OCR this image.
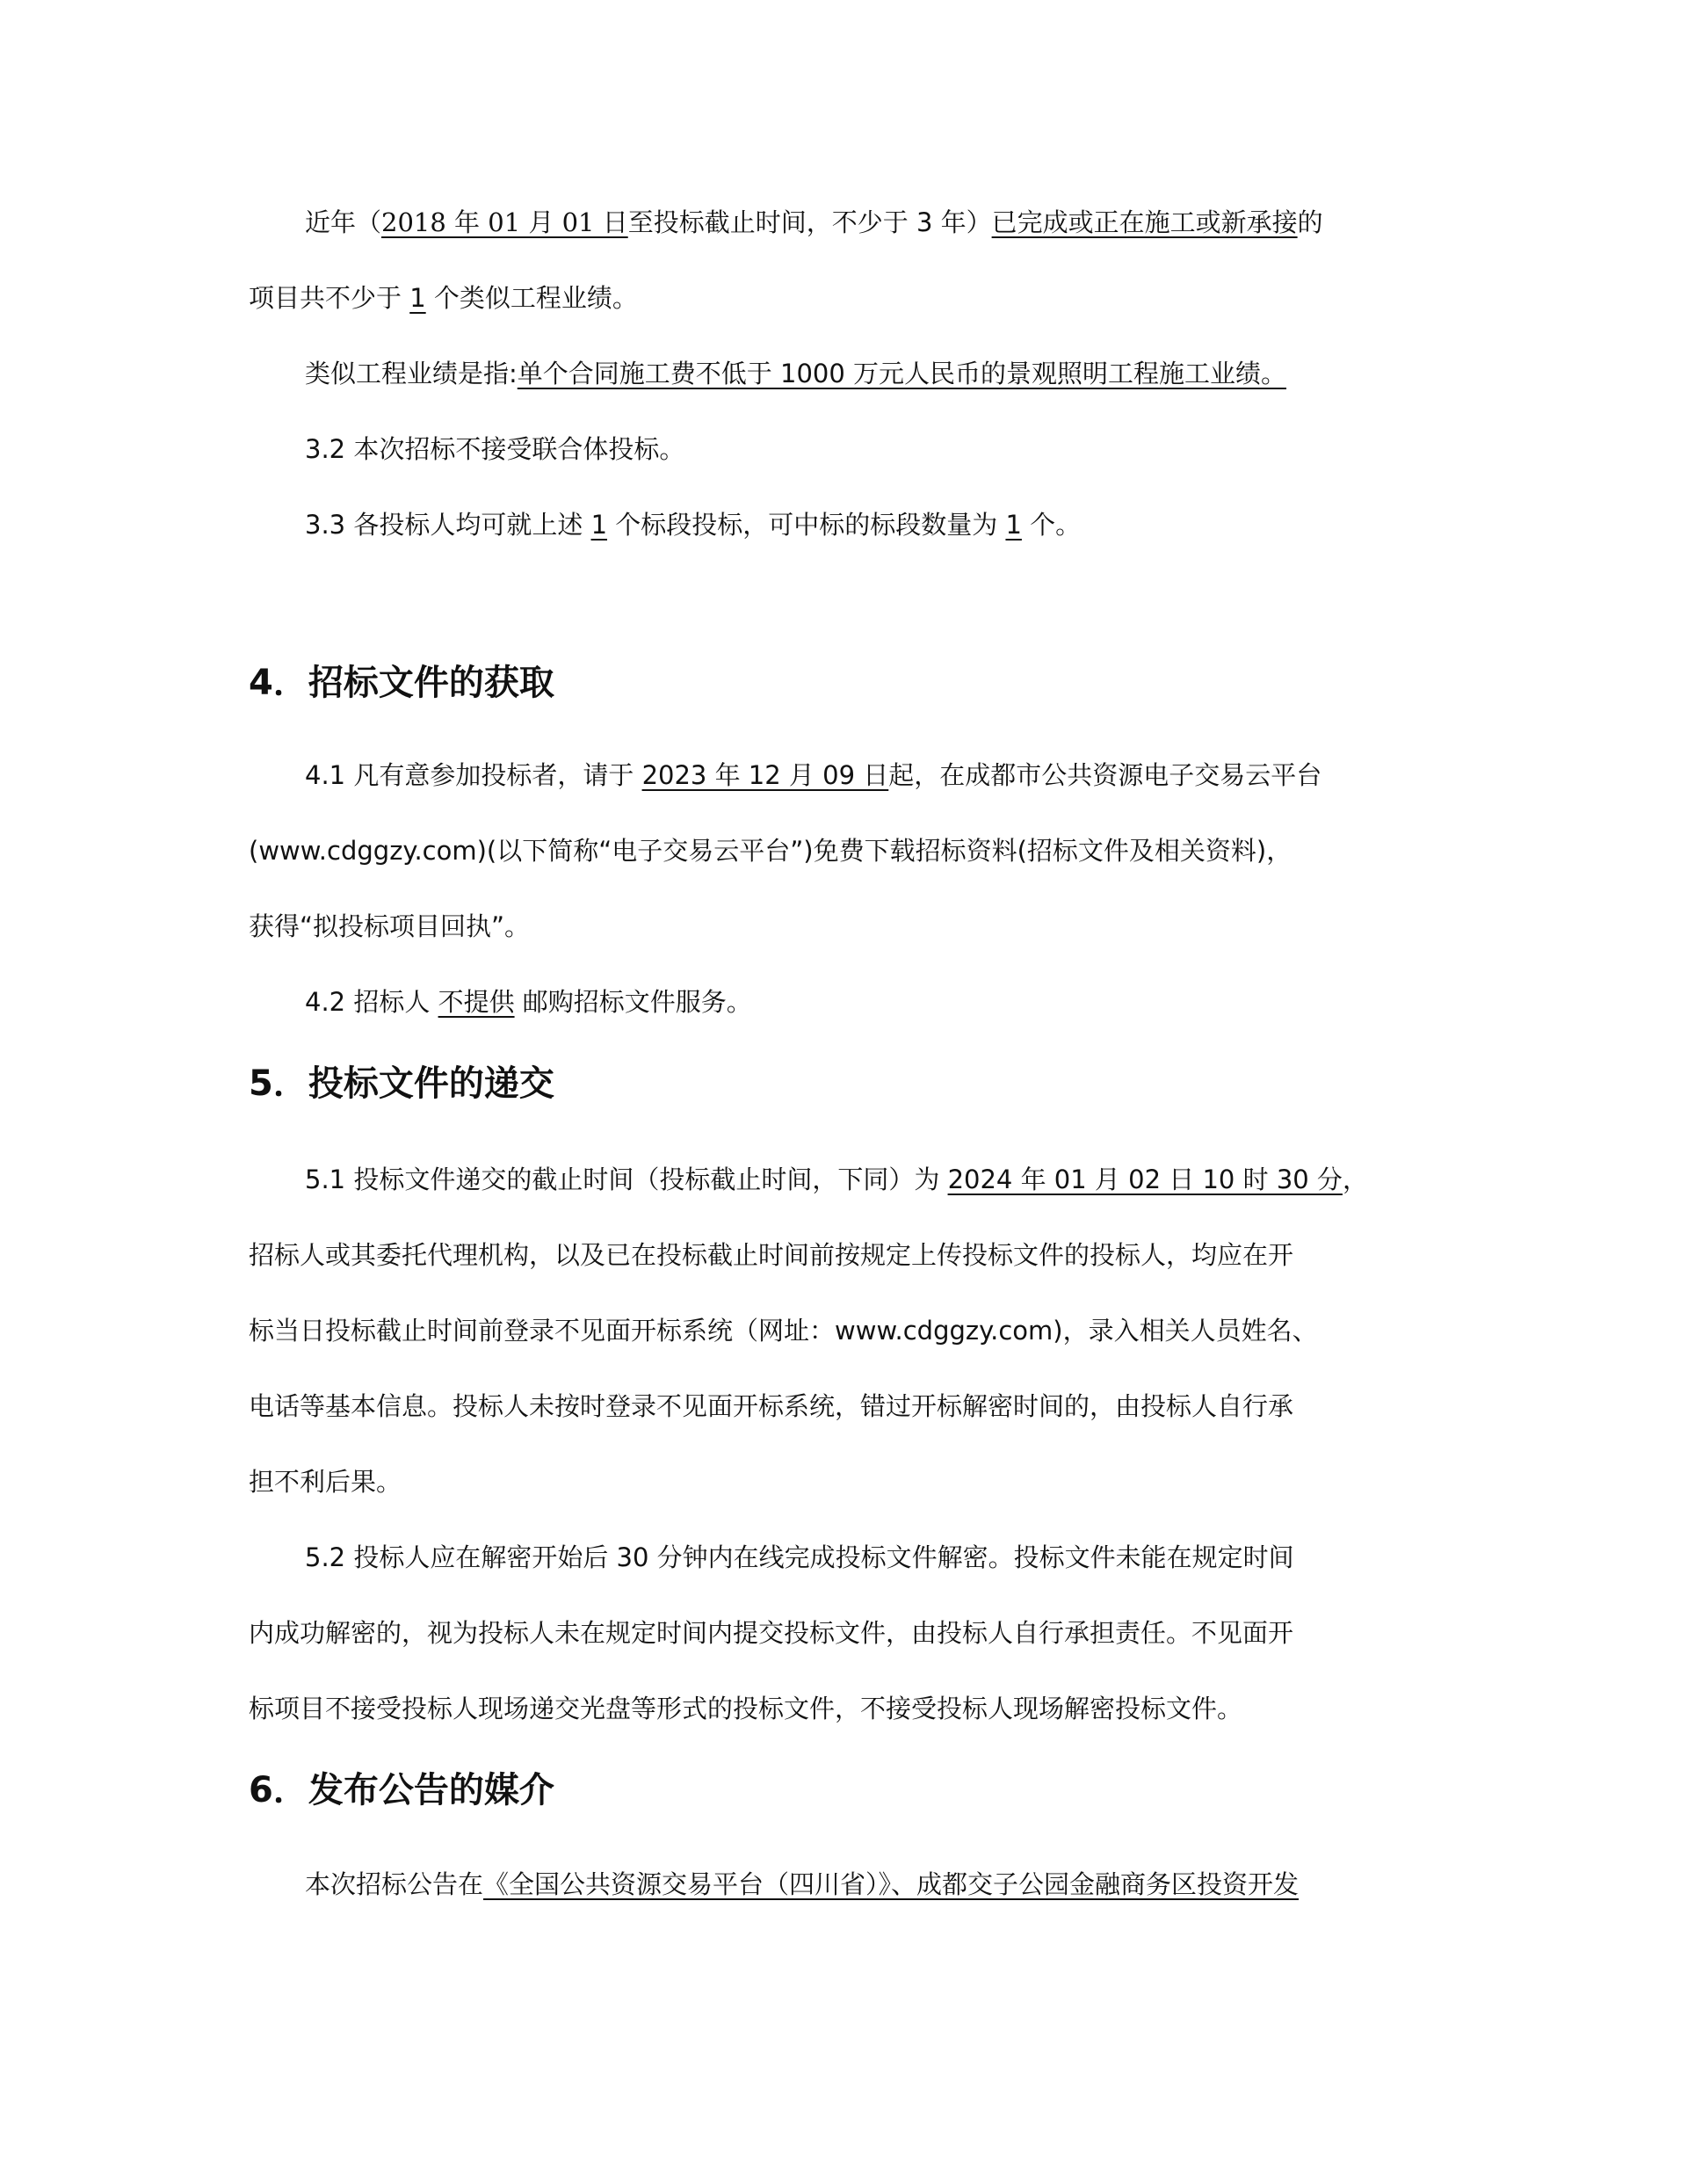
近年（2018 年 01 月 01 日至投标截止时间，不少于 3 年）已完成或正在施工或新承接的
项目共不少于 1 个类似工程业绩。
类似工程业绩是指:单个合同施工费不低于 1000 万元人民币的景观照明工程施工业绩。
3.2 本次招标不接受联合体投标。
3.3 各投标人均可就上述 1 个标段投标，可中标的标段数量为 1 个。
4．招标文件的获取
4.1 凡有意参加投标者，请于 2023 年 12 月 09 日起，在成都市公共资源电子交易云平台
(www.cdggzy.com)(以下简称“电子交易云平台”)免费下载招标资料(招标文件及相关资料)，
获得“拟投标项目回执”。
4.2 招标人 不提供 邮购招标文件服务。
5．投标文件的递交
5.1 投标文件递交的截止时间（投标截止时间，下同）为 2024 年 01 月 02 日 10 时 30 分，
招标人或其委托代理机构，以及已在投标截止时间前按规定上传投标文件的投标人，均应在开
标当日投标截止时间前登录不见面开标系统（网址：www.cdggzy.com)，录入相关人员姓名、
电话等基本信息。投标人未按时登录不见面开标系统，错过开标解密时间的，由投标人自行承
担不利后果。
5.2 投标人应在解密开始后 30 分钟内在线完成投标文件解密。投标文件未能在规定时间
内成功解密的，视为投标人未在规定时间内提交投标文件，由投标人自行承担责任。不见面开
标项目不接受投标人现场递交光盘等形式的投标文件，不接受投标人现场解密投标文件。
6．发布公告的媒介
本次招标公告在《全国公共资源交易平台（四川省）》、成都交子公园金融商务区投资开发
